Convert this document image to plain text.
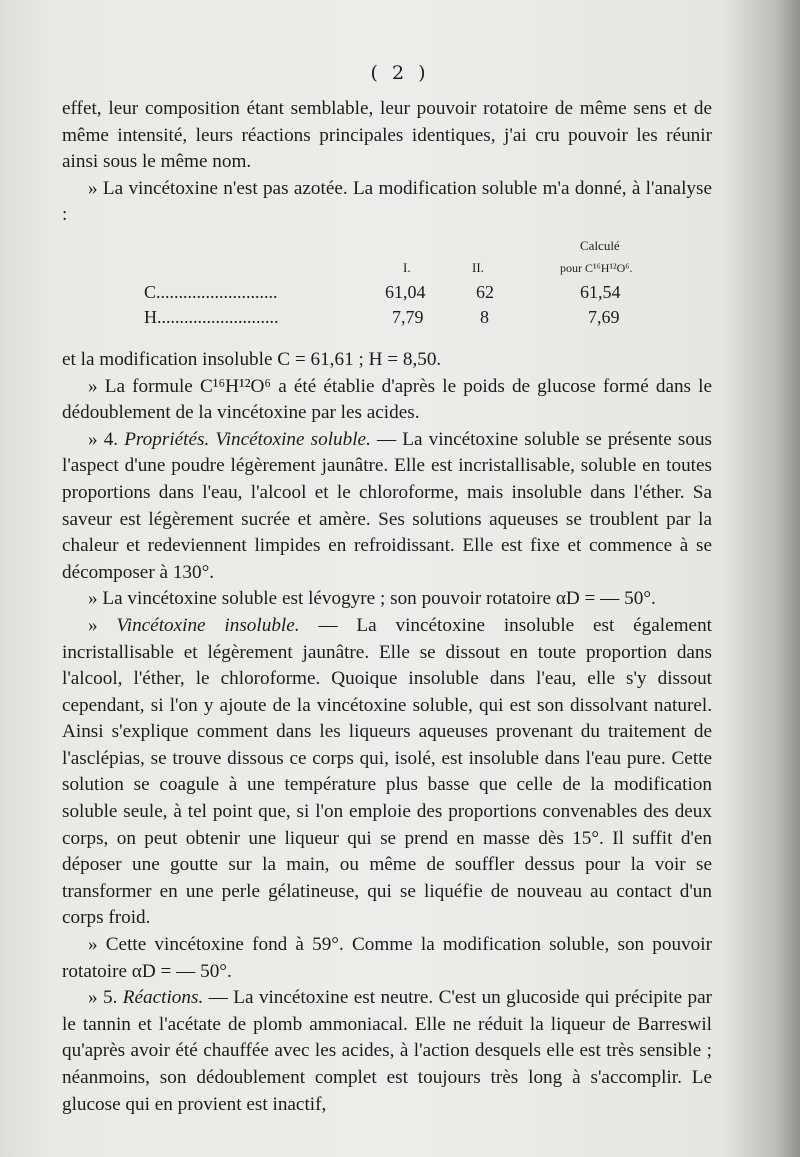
( 2 )

effet, leur composition étant semblable, leur pouvoir rotatoire de même sens et de même intensité, leurs réactions principales identiques, j'ai cru pouvoir les réunir ainsi sous le même nom.

» La vincétoxine n'est pas azotée. La modification soluble m'a donné, à l'analyse :

Calculé
I.	II.	pour C¹⁶H¹²O⁶.
C...........................	61,04	62	61,54
H...........................	7,79	8	7,69

et la modification insoluble C = 61,61 ; H = 8,50.

» La formule C¹⁶H¹²O⁶ a été établie d'après le poids de glucose formé dans le dédoublement de la vincétoxine par les acides.

» 4. Propriétés. Vincétoxine soluble. — La vincétoxine soluble se présente sous l'aspect d'une poudre légèrement jaunâtre. Elle est incristallisable, soluble en toutes proportions dans l'eau, l'alcool et le chloroforme, mais insoluble dans l'éther. Sa saveur est légèrement sucrée et amère. Ses solutions aqueuses se troublent par la chaleur et redeviennent limpides en refroidissant. Elle est fixe et commence à se décomposer à 130°.

» La vincétoxine soluble est lévogyre ; son pouvoir rotatoire αD = — 50°.

» Vincétoxine insoluble. — La vincétoxine insoluble est également incristallisable et légèrement jaunâtre. Elle se dissout en toute proportion dans l'alcool, l'éther, le chloroforme. Quoique insoluble dans l'eau, elle s'y dissout cependant, si l'on y ajoute de la vincétoxine soluble, qui est son dissolvant naturel. Ainsi s'explique comment dans les liqueurs aqueuses provenant du traitement de l'asclépias, se trouve dissous ce corps qui, isolé, est insoluble dans l'eau pure. Cette solution se coagule à une température plus basse que celle de la modification soluble seule, à tel point que, si l'on emploie des proportions convenables des deux corps, on peut obtenir une liqueur qui se prend en masse dès 15°. Il suffit d'en déposer une goutte sur la main, ou même de souffler dessus pour la voir se transformer en une perle gélatineuse, qui se liquéfie de nouveau au contact d'un corps froid.

» Cette vincétoxine fond à 59°. Comme la modification soluble, son pouvoir rotatoire αD = — 50°.

» 5. Réactions. — La vincétoxine est neutre. C'est un glucoside qui précipite par le tannin et l'acétate de plomb ammoniacal. Elle ne réduit la liqueur de Barreswil qu'après avoir été chauffée avec les acides, à l'action desquels elle est très sensible ; néanmoins, son dédoublement complet est toujours très long à s'accomplir. Le glucose qui en provient est inactif,
